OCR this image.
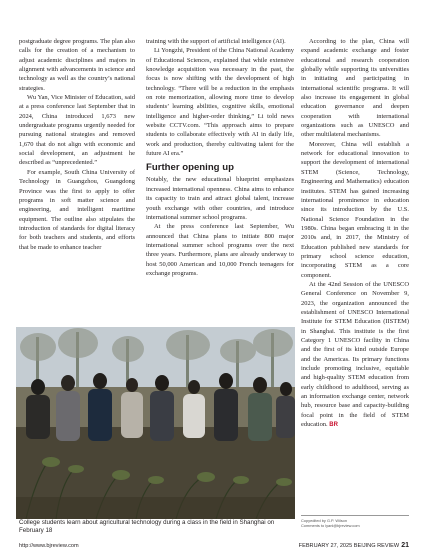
postgraduate degree programs. The plan also calls for the creation of a mechanism to adjust academic disciplines and majors in alignment with advancements in science and technology as well as the country’s national strategies.

Wu Yan, Vice Minister of Education, said at a press conference last September that in 2024, China introduced 1,673 new undergraduate programs urgently needed for pursuing national strategies and removed 1,670 that do not align with economic and social development, an adjustment he described as “unprecedented.”

For example, South China University of Technology in Guangzhou, Guangdong Province was the first to apply to offer programs in soft matter science and engineering, and intelligent maritime equipment. The outline also stipulates the introduction of standards for digital literacy for both teachers and students, and efforts that be made to enhance teacher

training with the support of artificial intelligence (AI).

Li Yongzhi, President of the China National Academy of Educational Sciences, explained that while extensive knowledge acquisition was necessary in the past, the focus is now shifting with the development of high technology. “There will be a reduction in the emphasis on rote memorization, allowing more time to develop students’ learning abilities, cognitive skills, emotional intelligence and higher-order thinking,” Li told news website CCTV.com. “This approach aims to prepare students to collaborate effectively with AI in daily life, work and production, thereby cultivating talent for the future AI era.”

Further opening up

Notably, the new educational blueprint emphasizes increased international openness. China aims to enhance its capacity to train and attract global talent, increase youth exchange with other countries, and introduce international summer school programs.

At the press conference last September, Wu announced that China plans to initiate 800 major international summer school programs over the next three years. Furthermore, plans are already underway to host 50,000 American and 10,000 French teenagers for exchange programs.

According to the plan, China will expand academic exchange and foster educational and research cooperation globally while supporting its universities in initiating and participating in international scientific programs. It will also increase its engagement in global education governance and deepen cooperation with international organizations such as UNESCO and other multilateral mechanisms.

Moreover, China will establish a network for educational innovation to support the development of international STEM (Science, Technology, Engineering and Mathematics) education institutes. STEM has gained increasing international prominence in education since its introduction by the U.S. National Science Foundation in the 1980s. China began embracing it in the 2010s and, in 2017, the Ministry of Education published new standards for primary school science education, incorporating STEM as a core component.

At the 42nd Session of the UNESCO General Conference on November 9, 2023, the organization announced the establishment of UNESCO International Institute for STEM Education (IISTEM) in Shanghai. This institute is the first Category 1 UNESCO facility in China and the first of its kind outside Europe and the Americas. Its primary functions include promoting inclusive, equitable and high-quality STEM education from early childhood to adulthood, serving as an information exchange center, network hub, resource base and capacity-building focal point in the field of STEM education. BR

College students learn about agricultural technology during a class in the field in Shanghai on February 18
Copyedited by G.P. Wilson
Comments to lyanl@bjreview.com
http://www.bjreview.com	FEBRUARY 27, 2025 BEIJING REVIEW 21
